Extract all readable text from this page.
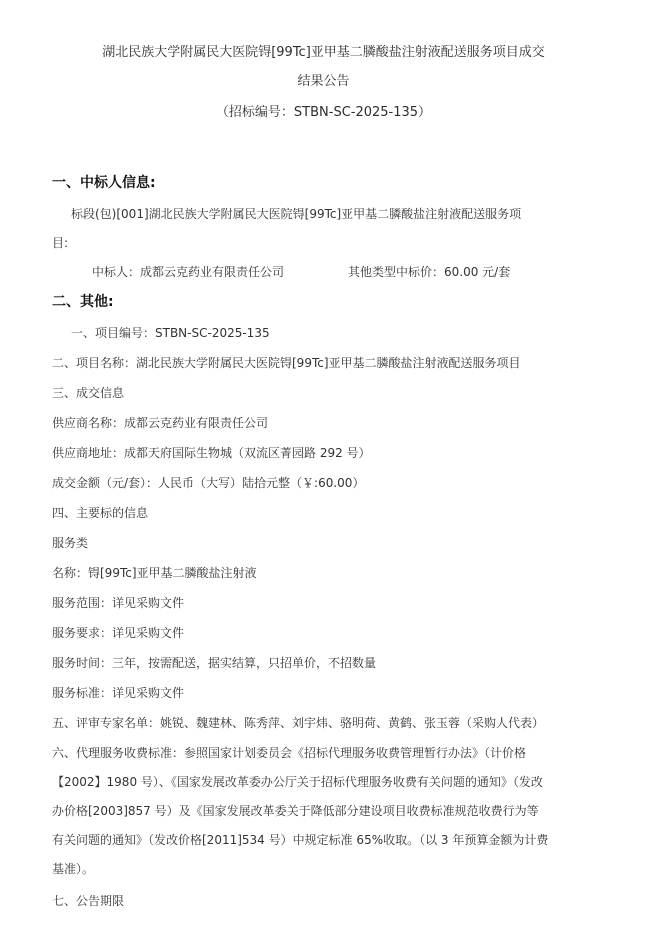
湖北民族大学附属民大医院锝[99Tc]亚甲基二膦酸盐注射液配送服务项目成交
结果公告
（招标编号：STBN-SC-2025-135）
一、中标人信息:
标段(包)[001]湖北民族大学附属民大医院锝[99Tc]亚甲基二膦酸盐注射液配送服务项
目:
中标人：成都云克药业有限责任公司	其他类型中标价：60.00 元/套
二、其他:
一、项目编号：STBN-SC-2025-135
二、项目名称：湖北民族大学附属民大医院锝[99Tc]亚甲基二膦酸盐注射液配送服务项目
三、成交信息
供应商名称：成都云克药业有限责任公司
供应商地址：成都天府国际生物城（双流区菁园路 292 号）
成交金额（元/套）：人民币（大写）陆拾元整（￥:60.00）
四、主要标的信息
服务类
名称：锝[99Tc]亚甲基二膦酸盐注射液
服务范围：详见采购文件
服务要求：详见采购文件
服务时间：三年，按需配送，据实结算，只招单价，不招数量
服务标准：详见采购文件
五、评审专家名单：姚锐、魏建林、陈秀萍、刘宇炜、骆明荷、黄鹤、张玉蓉（采购人代表）
六、代理服务收费标准：参照国家计划委员会《招标代理服务收费管理暂行办法》（计价格
【2002】1980 号）、《国家发展改革委办公厅关于招标代理服务收费有关问题的通知》（发改
办价格[2003]857 号）及《国家发展改革委关于降低部分建设项目收费标准规范收费行为等
有关问题的通知》（发改价格[2011]534 号）中规定标准 65%收取。（以 3 年预算金额为计费
基准）。
七、公告期限
